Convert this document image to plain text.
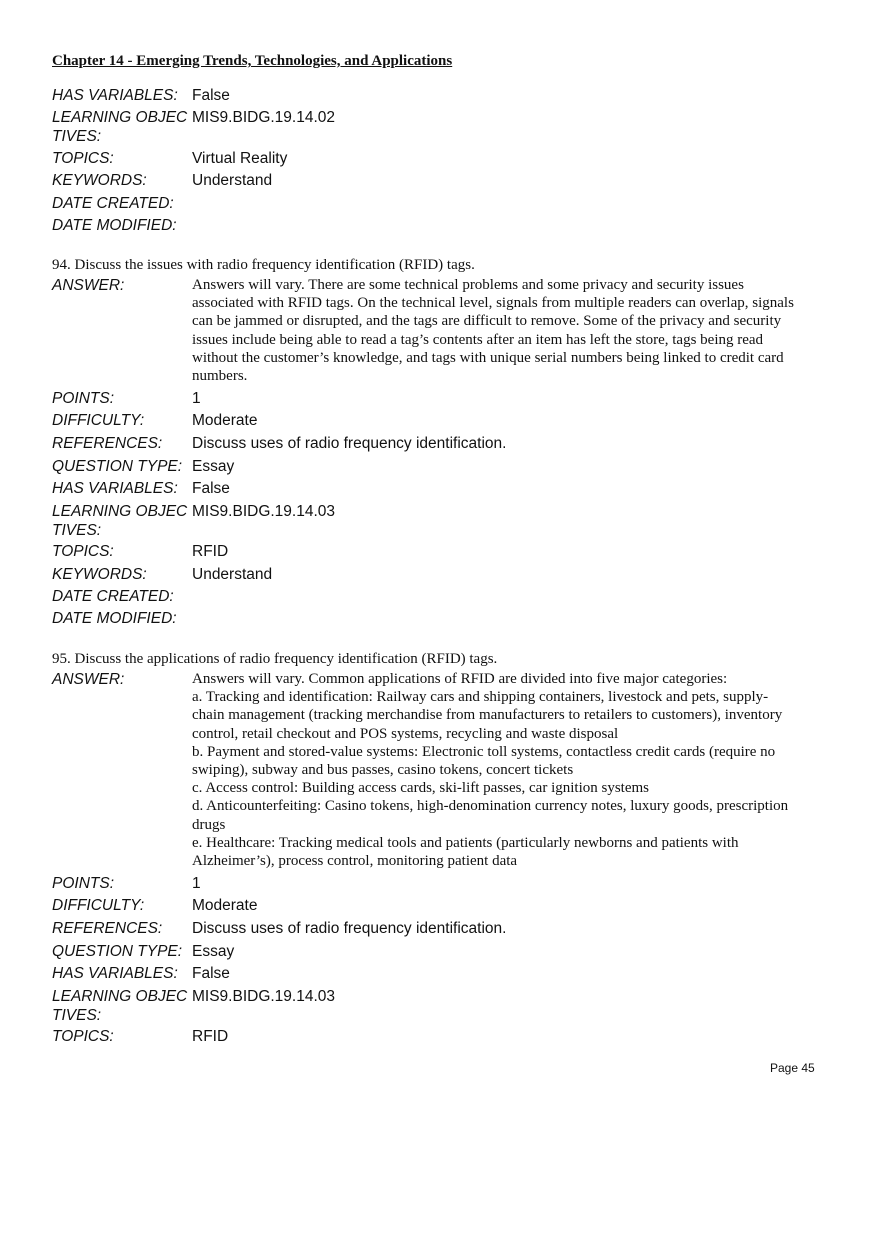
Chapter 14 - Emerging Trends, Technologies, and Applications
HAS VARIABLES: False
LEARNING OBJEC
TIVES:
MIS9.BIDG.19.14.02
TOPICS:	Virtual Reality
KEYWORDS:	Understand
DATE CREATED:
DATE MODIFIED:
94. Discuss the issues with radio frequency identification (RFID) tags.
ANSWER:	Answers will vary. There are some technical problems and some privacy and security issues
associated with RFID tags. On the technical level, signals from multiple readers can overlap, signals
can be jammed or disrupted, and the tags are difficult to remove. Some of the privacy and security
issues include being able to read a tag’s contents after an item has left the store, tags being read
without the customer’s knowledge, and tags with unique serial numbers being linked to credit card
numbers.
POINTS:	1
DIFFICULTY:	Moderate
REFERENCES:	Discuss uses of radio frequency identification.
QUESTION TYPE: Essay
HAS VARIABLES: False
LEARNING OBJEC
TIVES:
MIS9.BIDG.19.14.03
TOPICS:	RFID
KEYWORDS:	Understand
DATE CREATED:
DATE MODIFIED:
95. Discuss the applications of radio frequency identification (RFID) tags.
ANSWER:	Answers will vary. Common applications of RFID are divided into five major categories:
a. Tracking and identification: Railway cars and shipping containers, livestock and pets, supply-
chain management (tracking merchandise from manufacturers to retailers to customers), inventory
control, retail checkout and POS systems, recycling and waste disposal
b. Payment and stored-value systems: Electronic toll systems, contactless credit cards (require no
swiping), subway and bus passes, casino tokens, concert tickets
c. Access control: Building access cards, ski-lift passes, car ignition systems
d. Anticounterfeiting: Casino tokens, high-denomination currency notes, luxury goods, prescription
drugs
e. Healthcare: Tracking medical tools and patients (particularly newborns and patients with
Alzheimer’s), process control, monitoring patient data
POINTS:	1
DIFFICULTY:	Moderate
REFERENCES:	Discuss uses of radio frequency identification.
QUESTION TYPE: Essay
HAS VARIABLES: False
LEARNING OBJEC
TIVES:
MIS9.BIDG.19.14.03
TOPICS:	RFID
Page 45
